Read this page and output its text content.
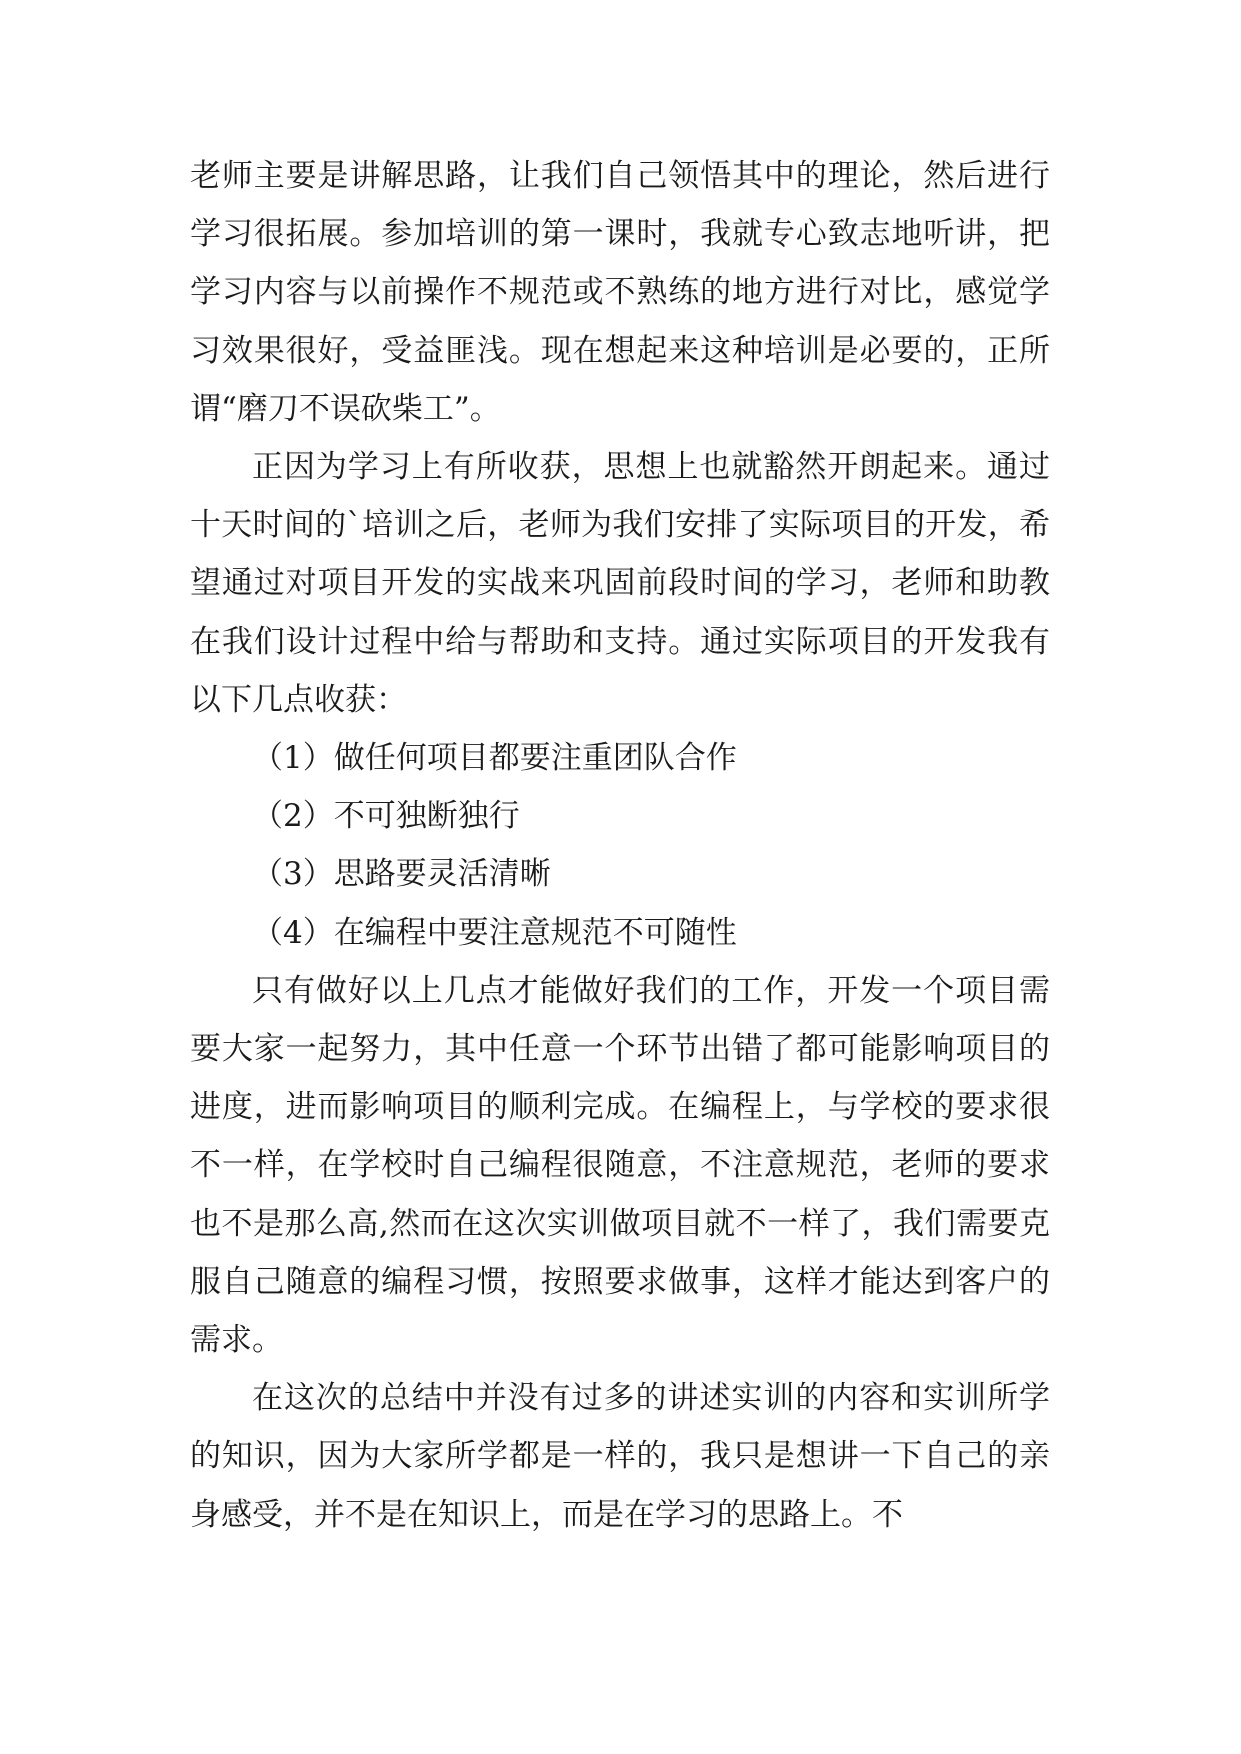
老师主要是讲解思路，让我们自己领悟其中的理论，然后进行学习很拓展。参加培训的第一课时，我就专心致志地听讲，把学习内容与以前操作不规范或不熟练的地方进行对比，感觉学习效果很好，受益匪浅。现在想起来这种培训是必要的，正所谓“磨刀不误砍柴工”。

正因为学习上有所收获，思想上也就豁然开朗起来。通过十天时间的`培训之后，老师为我们安排了实际项目的开发，希望通过对项目开发的实战来巩固前段时间的学习，老师和助教在我们设计过程中给与帮助和支持。通过实际项目的开发我有以下几点收获：

（1）做任何项目都要注重团队合作

（2）不可独断独行

（3）思路要灵活清晰

（4）在编程中要注意规范不可随性

只有做好以上几点才能做好我们的工作，开发一个项目需要大家一起努力，其中任意一个环节出错了都可能影响项目的进度，进而影响项目的顺利完成。在编程上，与学校的要求很不一样，在学校时自己编程很随意，不注意规范，老师的要求也不是那么高,然而在这次实训做项目就不一样了，我们需要克服自己随意的编程习惯，按照要求做事，这样才能达到客户的需求。

在这次的总结中并没有过多的讲述实训的内容和实训所学的知识，因为大家所学都是一样的，我只是想讲一下自己的亲身感受，并不是在知识上，而是在学习的思路上。不
